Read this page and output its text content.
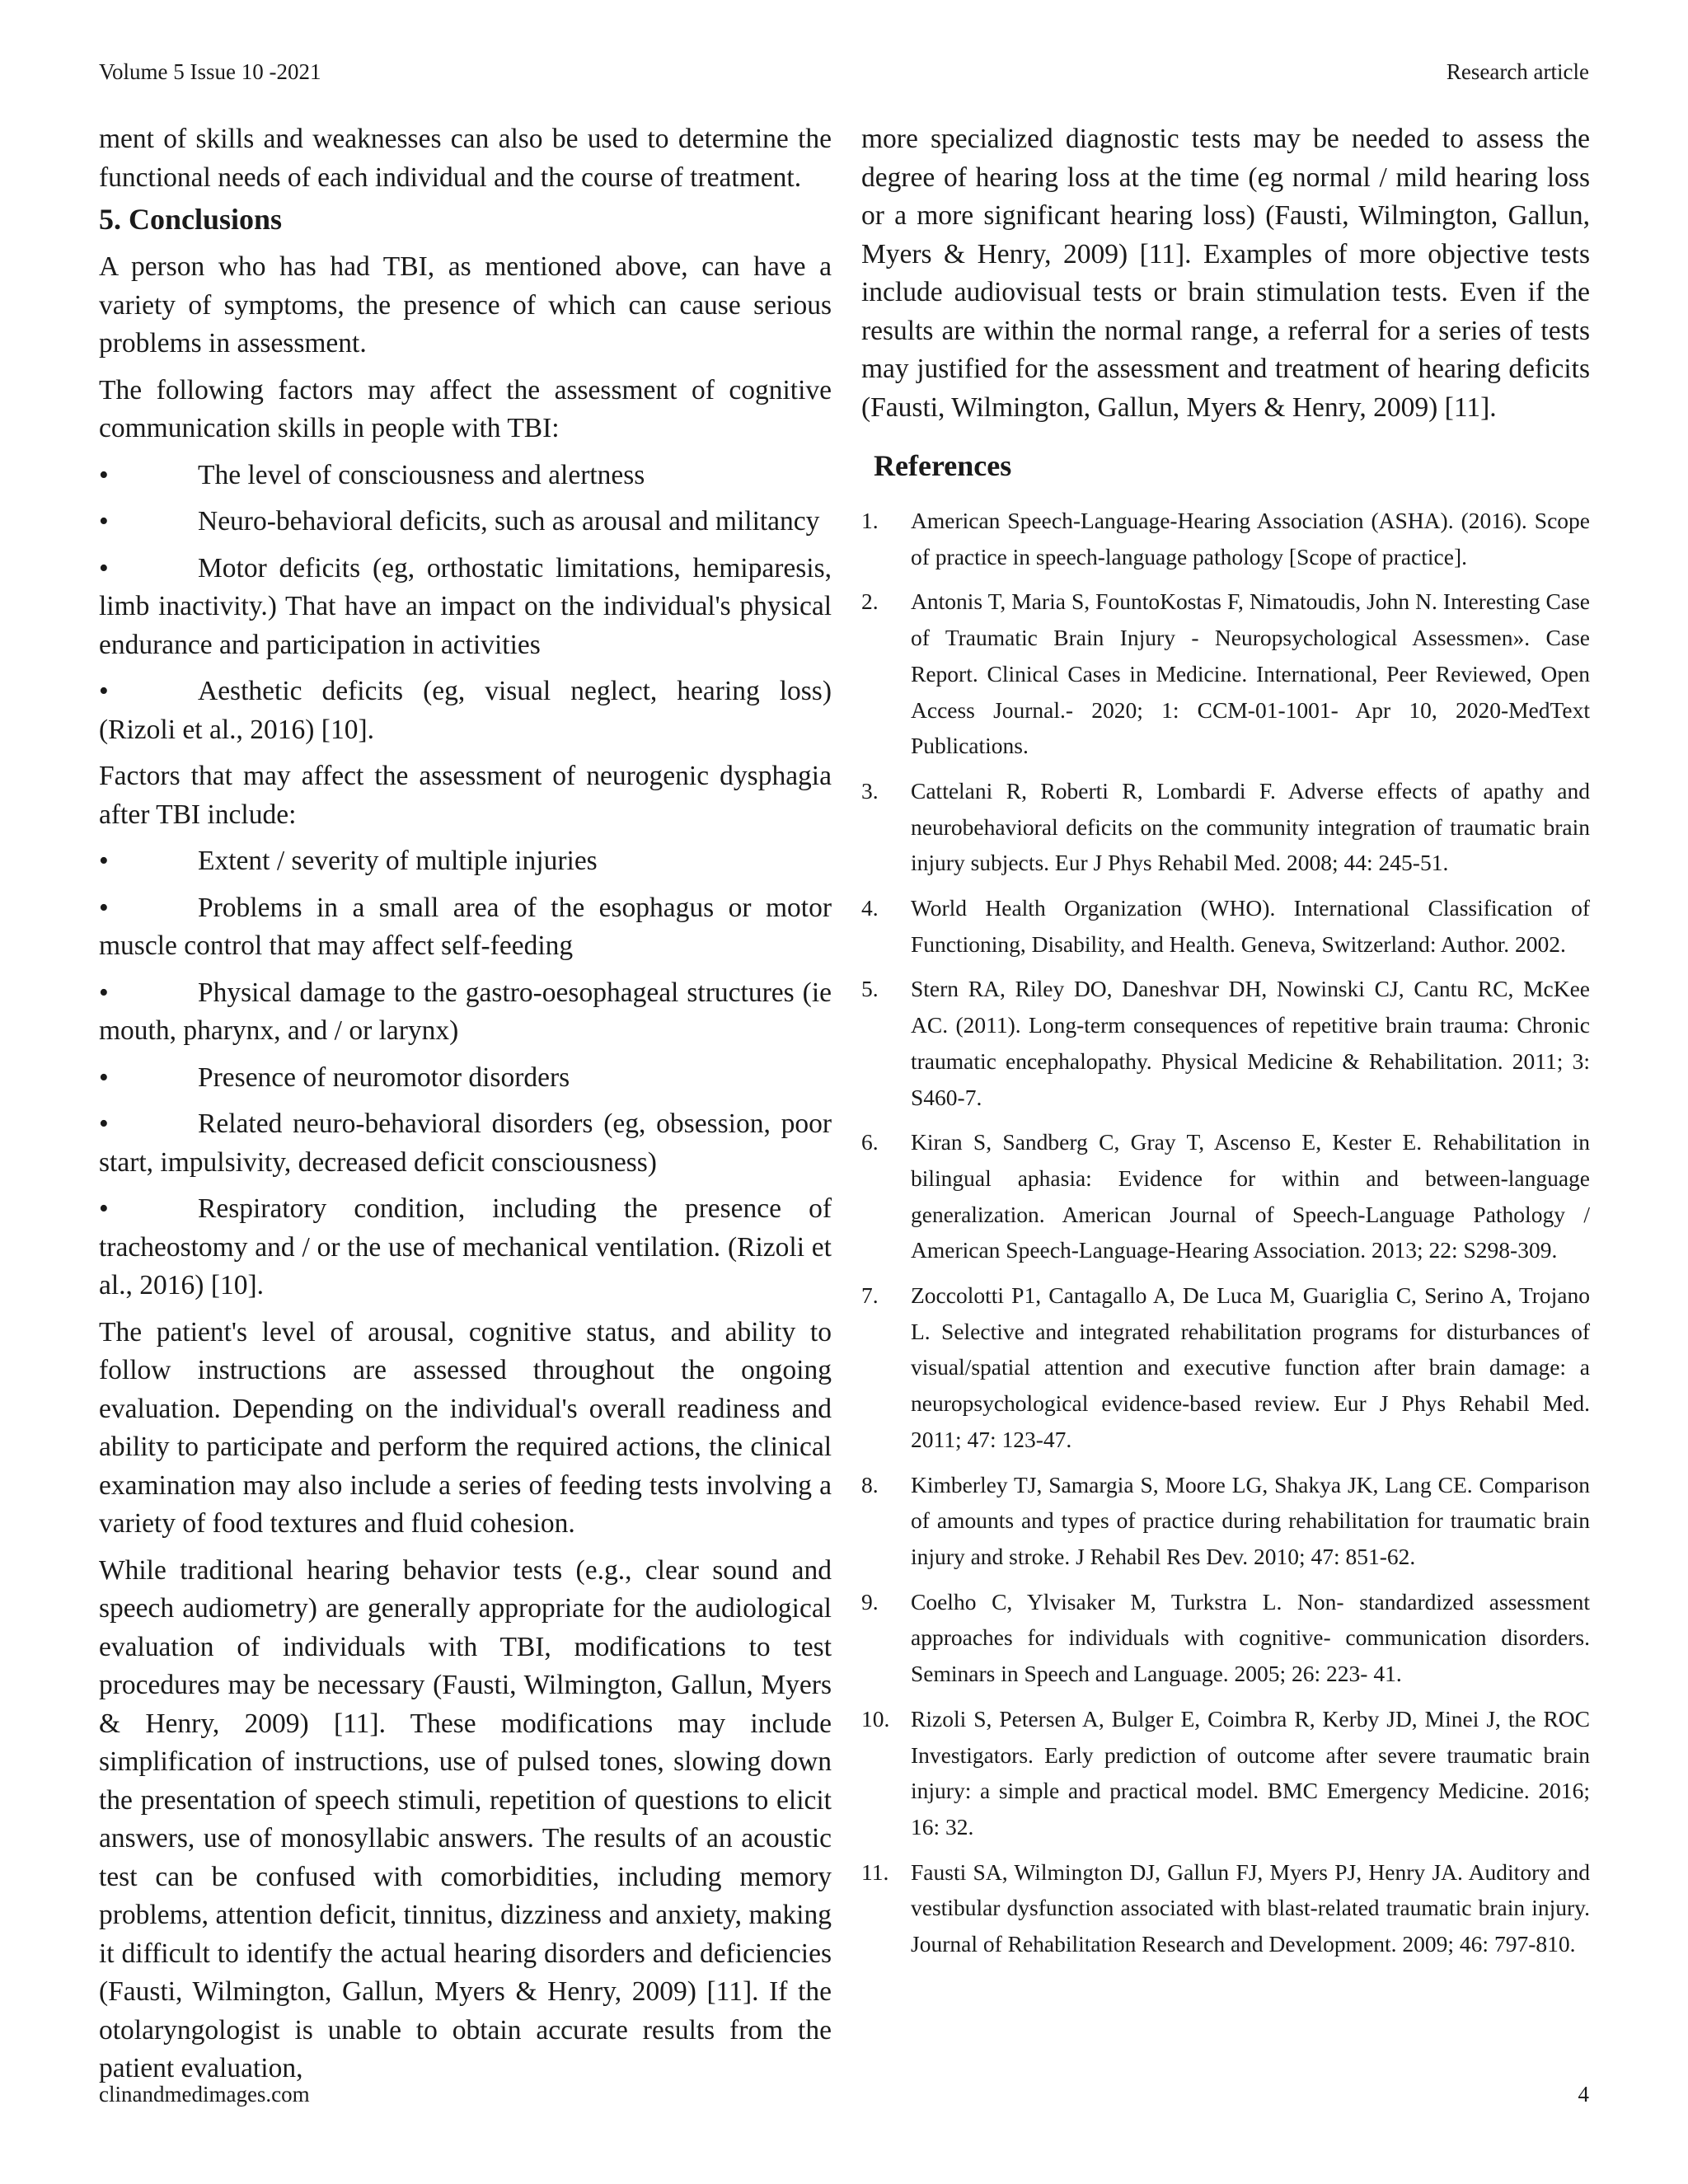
Volume 5 Issue 10 -2021	Research article

ment of skills and weaknesses can also be used to determine the functional needs of each individual and the course of treatment.

5. Conclusions

A person who has had TBI, as mentioned above, can have a variety of symptoms, the presence of which can cause serious problems in assessment.

The following factors may affect the assessment of cognitive communication skills in people with TBI:

•	The level of consciousness and alertness
•	Neuro-behavioral deficits, such as arousal and militancy
•	Motor deficits (eg, orthostatic limitations, hemiparesis, limb inactivity.) That have an impact on the individual's physical endurance and participation in activities
•	Aesthetic deficits (eg, visual neglect, hearing loss) (Rizoli et al., 2016) [10].

Factors that may affect the assessment of neurogenic dysphagia after TBI include:

•	Extent / severity of multiple injuries
•	Problems in a small area of the esophagus or motor muscle control that may affect self-feeding
•	Physical damage to the gastro-oesophageal structures (ie mouth, pharynx, and / or larynx)
•	Presence of neuromotor disorders
•	Related neuro-behavioral disorders (eg, obsession, poor start, impulsivity, decreased deficit consciousness)
•	Respiratory condition, including the presence of tracheostomy and / or the use of mechanical ventilation. (Rizoli et al., 2016) [10].

The patient's level of arousal, cognitive status, and ability to follow instructions are assessed throughout the ongoing evaluation. Depending on the individual's overall readiness and ability to participate and perform the required actions, the clinical examination may also include a series of feeding tests involving a variety of food textures and fluid cohesion.

While traditional hearing behavior tests (e.g., clear sound and speech audiometry) are generally appropriate for the audiological evaluation of individuals with TBI, modifications to test procedures may be necessary (Fausti, Wilmington, Gallun, Myers & Henry, 2009) [11]. These modifications may include simplification of instructions, use of pulsed tones, slowing down the presentation of speech stimuli, repetition of questions to elicit answers, use of monosyllabic answers. The results of an acoustic test can be confused with comorbidities, including memory problems, attention deficit, tinnitus, dizziness and anxiety, making it difficult to identify the actual hearing disorders and deficiencies (Fausti, Wilmington, Gallun, Myers & Henry, 2009) [11]. If the otolaryngologist is unable to obtain accurate results from the patient evaluation,

more specialized diagnostic tests may be needed to assess the degree of hearing loss at the time (eg normal / mild hearing loss or a more significant hearing loss) (Fausti, Wilmington, Gallun, Myers & Henry, 2009) [11]. Examples of more objective tests include audiovisual tests or brain stimulation tests. Even if the results are within the normal range, a referral for a series of tests may justified for the assessment and treatment of hearing deficits (Fausti, Wilmington, Gallun, Myers & Henry, 2009) [11].

References
1. American Speech-Language-Hearing Association (ASHA). (2016). Scope of practice in speech-language pathology [Scope of practice].
2. Antonis T, Maria S, FountoKostas F, Nimatoudis, John N. Interesting Case of Traumatic Brain Injury - Neuropsychological Assessmen». Case Report. Clinical Cases in Medicine. International, Peer Reviewed, Open Access Journal.- 2020; 1: CCM-01-1001- Apr 10, 2020-MedText Publications.
3. Cattelani R, Roberti R, Lombardi F. Adverse effects of apathy and neurobehavioral deficits on the community integration of traumatic brain injury subjects. Eur J Phys Rehabil Med. 2008; 44: 245-51.
4. World Health Organization (WHO). International Classification of Functioning, Disability, and Health. Geneva, Switzerland: Author. 2002.
5. Stern RA, Riley DO, Daneshvar DH, Nowinski CJ, Cantu RC, McKee AC. (2011). Long-term consequences of repetitive brain trauma: Chronic traumatic encephalopathy. Physical Medicine & Rehabilitation. 2011; 3: S460-7.
6. Kiran S, Sandberg C, Gray T, Ascenso E, Kester E. Rehabilitation in bilingual aphasia: Evidence for within and between-language generalization. American Journal of Speech-Language Pathology / American Speech-Language-Hearing Association. 2013; 22: S298-309.
7. Zoccolotti P1, Cantagallo A, De Luca M, Guariglia C, Serino A, Trojano L. Selective and integrated rehabilitation programs for disturbances of visual/spatial attention and executive function after brain damage: a neuropsychological evidence-based review. Eur J Phys Rehabil Med. 2011; 47: 123-47.
8. Kimberley TJ, Samargia S, Moore LG, Shakya JK, Lang CE. Comparison of amounts and types of practice during rehabilitation for traumatic brain injury and stroke. J Rehabil Res Dev. 2010; 47: 851-62.
9. Coelho C, Ylvisaker M, Turkstra L. Non- standardized assessment approaches for individuals with cognitive- communication disorders. Seminars in Speech and Language. 2005; 26: 223- 41.
10. Rizoli S, Petersen A, Bulger E, Coimbra R, Kerby JD, Minei J, the ROC Investigators. Early prediction of outcome after severe traumatic brain injury: a simple and practical model. BMC Emergency Medicine. 2016; 16: 32.
11. Fausti SA, Wilmington DJ, Gallun FJ, Myers PJ, Henry JA. Auditory and vestibular dysfunction associated with blast-related traumatic brain injury. Journal of Rehabilitation Research and Development. 2009; 46: 797-810.
clinandmedimages.com	4
